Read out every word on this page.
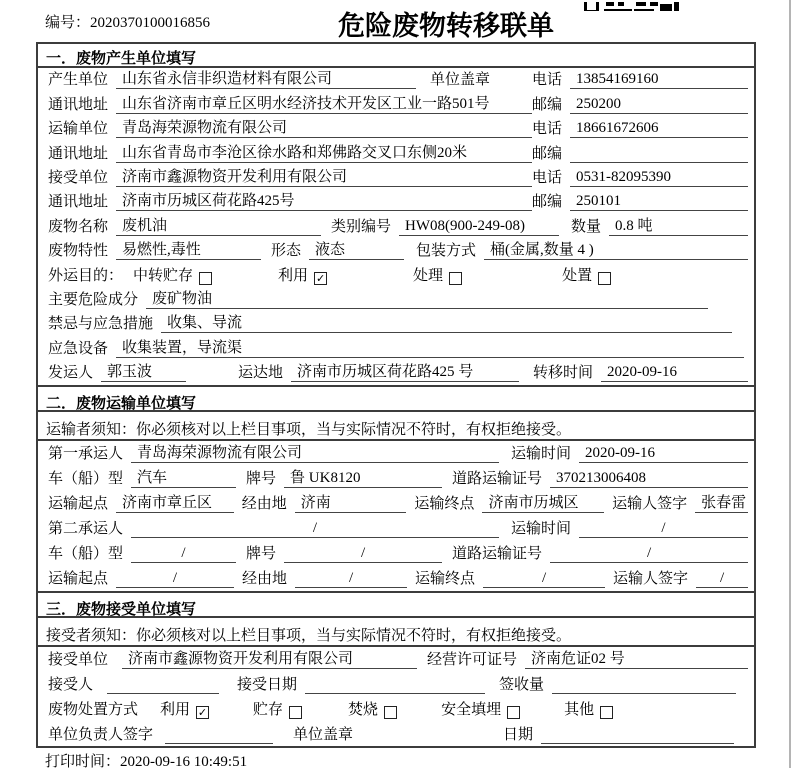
编号：2020370100016856	危险废物转移联单
一．废物产生单位填写
产生单位 山东省永信非织造材料有限公司	单位盖章	电话 13854169160
通讯地址 山东省济南市章丘区明水经济技术开发区工业一路501号	邮编 250200
运输单位 青岛海荣源物流有限公司	电话 18661672606
通讯地址 山东省青岛市李沧区徐水路和郑佛路交叉口东侧20米	邮编
接受单位 济南市鑫源物资开发利用有限公司	电话 0531-82095390
通讯地址 济南市历城区荷花路425号	邮编 250101
废物名称 废机油	类别编号 HW08(900-249-08)	数量 0.8 吨
废物特性 易燃性,毒性	形态 液态	包装方式 桶(金属,数量 4 )
外运目的： 中转贮存	利用 ✓	处理	处置
主要危险成分 废矿物油
禁忌与应急措施 收集、导流
应急设备 收集装置，导流渠
发运人 郭玉波	运达地 济南市历城区荷花路425 号	转移时间 2020-09-16
二．废物运输单位填写
运输者须知：你必须核对以上栏目事项，当与实际情况不符时，有权拒绝接受。
第一承运人 青岛海荣源物流有限公司	运输时间 2020-09-16
车（船）型 汽车	牌号 鲁 UK8120	道路运输证号 370213006408
运输起点 济南市章丘区	经由地 济南	运输终点 济南市历城区	运输人签字 张春雷
第二承运人	/	运输时间	/
车（船）型	/	牌号	/	道路运输证号	/
运输起点	/	经由地	/	运输终点	/	运输人签字	/
三．废物接受单位填写
接受者须知：你必须核对以上栏目事项，当与实际情况不符时，有权拒绝接受。
接受单位	济南市鑫源物资开发利用有限公司	经营许可证号 济南危证02 号
接受人	接受日期	签收量
废物处置方式 利用 ✓	贮存	焚烧	安全填埋	其他
单位负责人签字	单位盖章	日期
打印时间：2020-09-16 10:49:51
